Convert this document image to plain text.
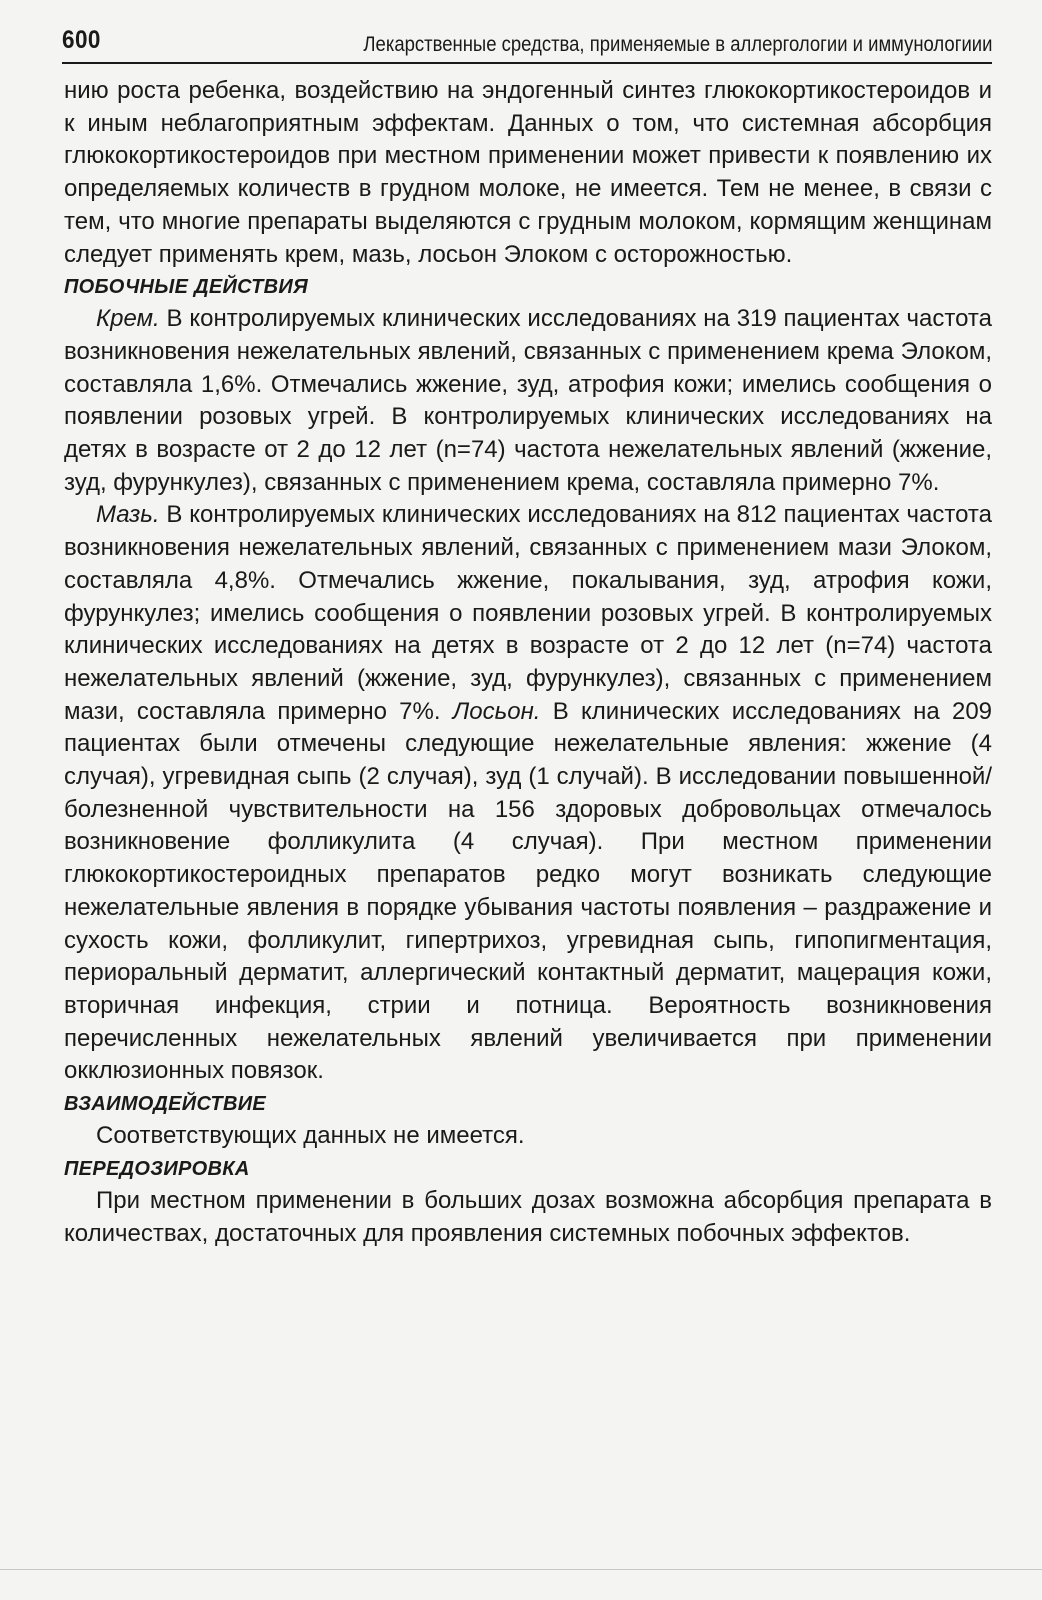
600	Лекарственные средства, применяемые в аллергологии и иммунологиии

нию роста ребенка, воздействию на эндогенный синтез глюкокортикостероидов и к иным неблагоприятным эффектам. Данных о том, что системная абсорбция глюкокортикостероидов при местном применении может привести к появлению их определяемых количеств в грудном молоке, не имеется. Тем не менее, в связи с тем, что многие препараты выделяются с грудным молоком, кормящим женщинам следует применять крем, мазь, лосьон Элоком с осторожностью.

ПОБОЧНЫЕ ДЕЙСТВИЯ

Крем. В контролируемых клинических исследованиях на 319 пациентах частота возникновения нежелательных явлений, связанных с применением крема Элоком, составляла 1,6%. Отмечались жжение, зуд, атрофия кожи; имелись сообщения о появлении розовых угрей. В контролируемых клинических исследованиях на детях в возрасте от 2 до 12 лет (n=74) частота нежелательных явлений (жжение, зуд, фурункулез), связанных с применением крема, составляла примерно 7%.

Мазь. В контролируемых клинических исследованиях на 812 пациентах частота возникновения нежелательных явлений, связанных с применением мази Элоком, составляла 4,8%. Отмечались жжение, покалывания, зуд, атрофия кожи, фурункулез; имелись сообщения о появлении розовых угрей. В контролируемых клинических исследованиях на детях в возрасте от 2 до 12 лет (n=74) частота нежелательных явлений (жжение, зуд, фурункулез), связанных с применением мази, составляла примерно 7%. Лосьон. В клинических исследованиях на 209 пациентах были отмечены следующие нежелательные явления: жжение (4 случая), угревидная сыпь (2 случая), зуд (1 случай). В исследовании повышенной/болезненной чувствительности на 156 здоровых добровольцах отмечалось возникновение фолликулита (4 случая). При местном применении глюкокортикостероидных препаратов редко могут возникать следующие нежелательные явления в порядке убывания частоты появления – раздражение и сухость кожи, фолликулит, гипертрихоз, угревидная сыпь, гипопигментация, периоральный дерматит, аллергический контактный дерматит, мацерация кожи, вторичная инфекция, стрии и потница. Вероятность возникновения перечисленных нежелательных явлений увеличивается при применении окклюзионных повязок.

ВЗАИМОДЕЙСТВИЕ

Соответствующих данных не имеется.

ПЕРЕДОЗИРОВКА

При местном применении в больших дозах возможна абсорбция препарата в количествах, достаточных для проявления системных побочных эффектов.
